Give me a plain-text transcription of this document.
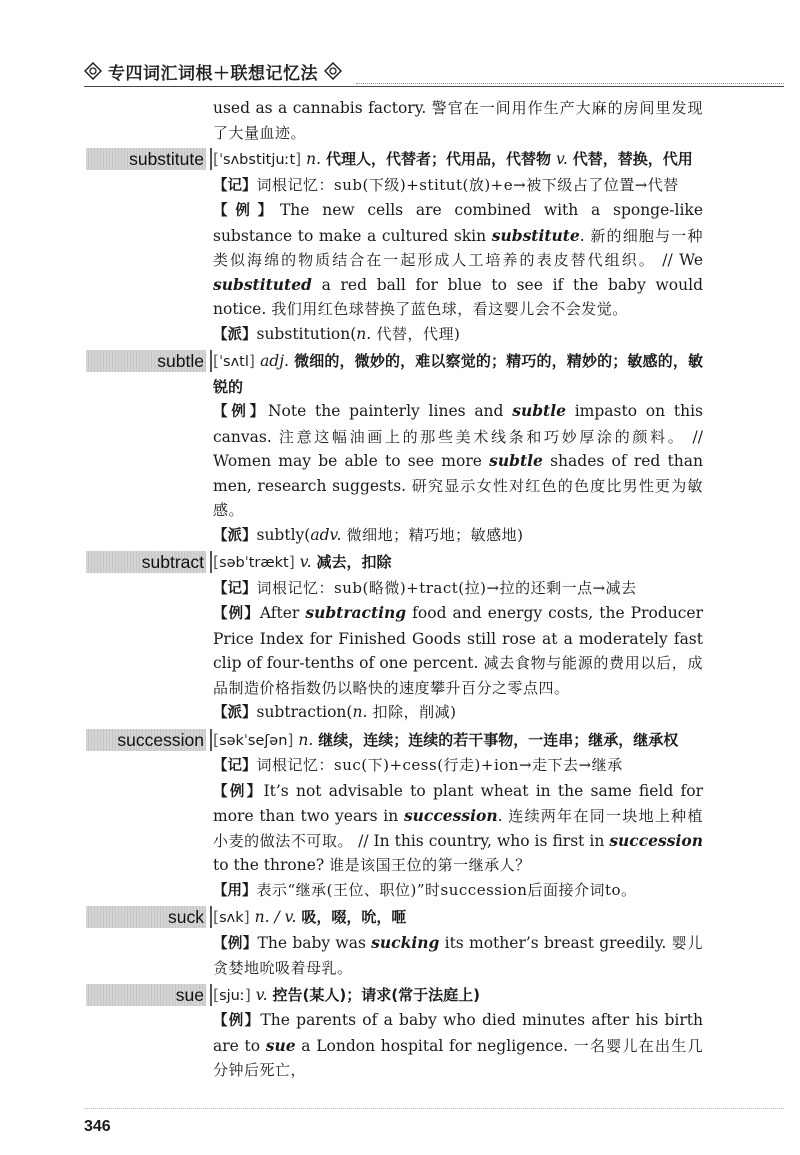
专四词汇词根＋联想记忆法
used as a cannabis factory. 警官在一间用作生产大麻的房间里发现了大量血迹。
substitute [ˈsʌbstitjuːt] n. 代理人，代替者；代用品，代替物 v. 代替，替换，代用
【记】词根记忆：sub(下级)+stitut(放)+e→被下级占了位置→代替
【例】The new cells are combined with a sponge-like substance to make a cultured skin substitute. 新的细胞与一种类似海绵的物质结合在一起形成人工培养的表皮替代组织。 // We substituted a red ball for blue to see if the baby would notice. 我们用红色球替换了蓝色球，看这婴儿会不会发觉。
【派】substitution(n. 代替，代理)
subtle [ˈsʌtl] adj. 微细的，微妙的，难以察觉的；精巧的，精妙的；敏感的，敏锐的
【例】Note the painterly lines and subtle impasto on this canvas. 注意这幅油画上的那些美术线条和巧妙厚涂的颜料。 // Women may be able to see more subtle shades of red than men, research suggests. 研究显示女性对红色的色度比男性更为敏感。
【派】subtly(adv. 微细地；精巧地；敏感地)
subtract [səbˈtrækt] v. 减去，扣除
【记】词根记忆：sub(略微)+tract(拉)→拉的还剩一点→减去
【例】After subtracting food and energy costs, the Producer Price Index for Finished Goods still rose at a moderately fast clip of four-tenths of one percent. 减去食物与能源的费用以后，成品制造价格指数仍以略快的速度攀升百分之零点四。
【派】subtraction(n. 扣除，削减)
succession [səkˈseʃən] n. 继续，连续；连续的若干事物，一连串；继承，继承权
【记】词根记忆：suc(下)+cess(行走)+ion→走下去→继承
【例】It’s not advisable to plant wheat in the same field for more than two years in succession. 连续两年在同一块地上种植小麦的做法不可取。 // In this country, who is first in succession to the throne? 谁是该国王位的第一继承人？
【用】表示“继承(王位、职位)”时succession后面接介词to。
suck [sʌk] n. / v. 吸，啜，吮，咂
【例】The baby was sucking its mother’s breast greedily. 婴儿贪婪地吮吸着母乳。
sue [sjuː] v. 控告(某人)；请求(常于法庭上)
【例】The parents of a baby who died minutes after his birth are to sue a London hospital for negligence. 一名婴儿在出生几分钟后死亡，
346
